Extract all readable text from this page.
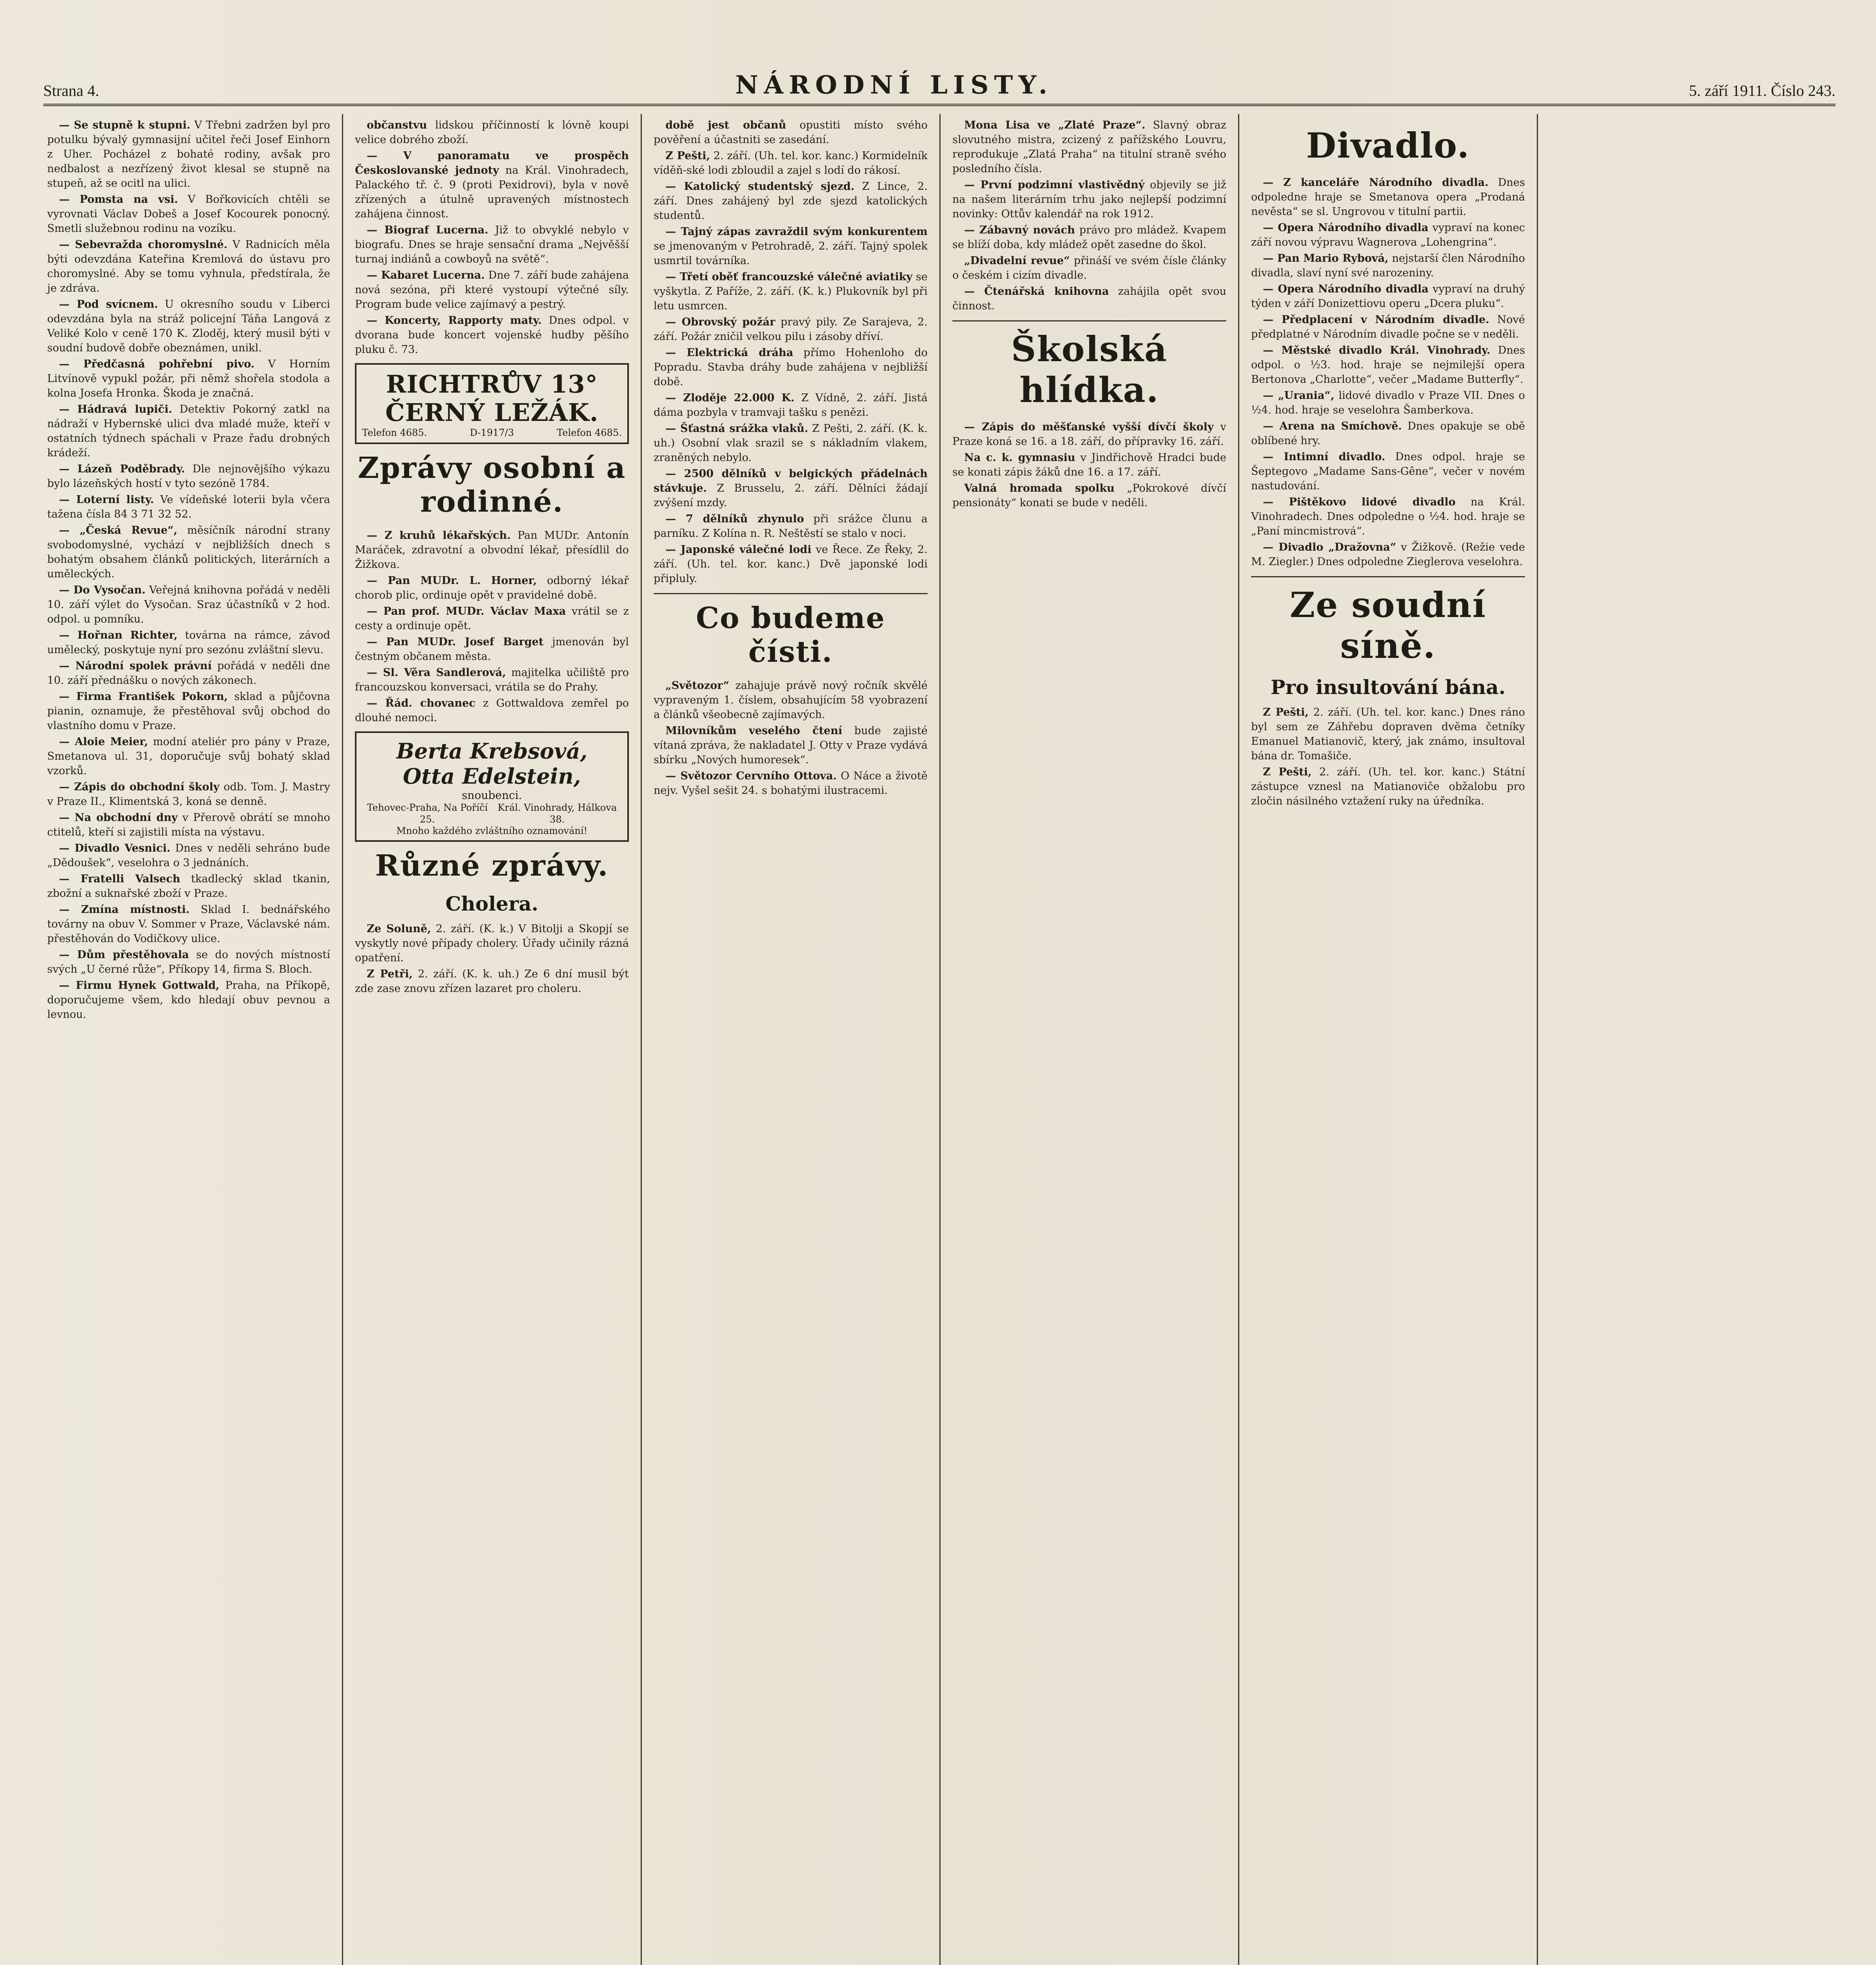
Strana 4.	NÁRODNÍ LISTY.	5. září 1911. Číslo 243.

— Se stupně k stupni. V Třebni zadržen byl pro potulku bývalý gymnasijní učitel řeči Josef Einhorn z Uher. Pocházel z bohaté rodiny, avšak pro nedbalost a nezřízený život klesal se stupně na stupeň, až se ocitl na ulici.

— Pomsta na vsi. V Bořkovicích chtěli se vyrovnati Václav Dobeš a Josef Kocourek ponocný. Smetli služebnou rodinu na vozíku.

— Sebevražda choromyslné. V Radnicích měla býti odevzdána Kateřina Kremlová do ústavu pro choromyslné. Aby se tomu vyhnula, předstírala, že je zdráva.

— Pod svícnem. U okresního soudu v Liberci odevzdána byla na stráž policejní Táňa Langová z Veliké Kolo v ceně 170 K. Zloděj, který musil býti v soudní budově dobře obeznámen, unikl.

— Předčasná pohřební pivo. V Horním Litvínově vypukl požár, při němž shořela stodola a kolna Josefa Hronka. Škoda je značná.

— Hádravá lupiči. Detektiv Pokorný zatkl na nádraží v Hybernské ulici dva mladé muže, kteří v ostatních týdnech spáchali v Praze řadu drobných krádeží.

— Lázeň Poděbrady. Dle nejnovějšího výkazu bylo lázeňských hostí v tyto sezóně 1784.

— Loterní listy. Ve vídeňské loterii byla včera tažena čísla 84 3 71 32 52.

— „Česká Revue“, měsíčník národní strany svobodomyslné, vychází v nejbližších dnech s bohatým obsahem článků politických, literárních a uměleckých.

— Do Vysočan. Veřejná knihovna pořádá v neděli 10. září výlet do Vysočan. Sraz účastníků v 2 hod. odpol. u pomníku.

— Hořnan Richter, továrna na rámce, závod umělecký, poskytuje nyní pro sezónu zvláštní slevu.

— Národní spolek právní pořádá v neděli dne 10. září přednášku o nových zákonech.

— Firma František Pokorn, sklad a půjčovna pianin, oznamuje, že přestěhoval svůj obchod do vlastního domu v Praze.

— Aloie Meier, modní ateliér pro pány v Praze, Smetanova ul. 31, doporučuje svůj bohatý sklad vzorků.

— Zápis do obchodní školy odb. Tom. J. Mastry v Praze II., Klimentská 3, koná se denně.

— Na obchodní dny v Přerově obrátí se mnoho ctitelů, kteří si zajistili místa na výstavu.

— Divadlo Vesnici. Dnes v neděli sehráno bude „Dědoušek“, veselohra o 3 jednáních.

— Fratelli Valsech tkadlecký sklad tkanin, zbožní a suknařské zboží v Praze.

— Zmína místnosti. Sklad I. bednářského továrny na obuv V. Sommer v Praze, Václavské nám. přestěhován do Vodičkovy ulice.

— Dům přestěhovala se do nových místností svých „U černé růže“, Příkopy 14, firma S. Bloch.

— Firmu Hynek Gottwald, Praha, na Příkopě, doporučujeme všem, kdo hledají obuv pevnou a levnou.

občanstvu lidskou příčinností k lóvně koupi velice dobrého zboží.

— V panoramatu ve prospěch Českoslovanské jednoty na Král. Vinohradech, Palackého tř. č. 9 (proti Pexidrovi), byla v nově zřízených a útulně upravených místnostech zahájena činnost.

— Biograf Lucerna. Již to obvyklé nebylo v biografu. Dnes se hraje sensační drama „Nejvěšší turnaj indiánů a cowboyů na světě“.

— Kabaret Lucerna. Dne 7. září bude zahájena nová sezóna, při které vystoupí výtečné síly. Program bude velice zajímavý a pestrý.

— Koncerty, Rapporty maty. Dnes odpol. v dvorana bude koncert vojenské hudby pěšího pluku č. 73.

RICHTRŮV 13° ČERNÝ LEŽÁK.
Telefon 4685.	D-1917/3	Telefon 4685.
Zprávy osobní a rodinné.

— Z kruhů lékařských. Pan MUDr. Antonín Maráček, zdravotní a obvodní lékař, přesídlil do Žižkova.

— Pan MUDr. L. Horner, odborný lékař chorob plic, ordinuje opět v pravidelné době.

— Pan prof. MUDr. Václav Maxa vrátil se z cesty a ordinuje opět.

— Pan MUDr. Josef Barget jmenován byl čestným občanem města.

— Sl. Věra Sandlerová, majitelka učiliště pro francouzskou konversaci, vrátila se do Prahy.

— Řád. chovanec z Gottwaldova zemřel po dlouhé nemoci.

Berta Krebsová,
Otta Edelstein,
snoubenci.
Tehovec-Praha, Na Poříčí 25.
Král. Vinohrady, Hálkova 38.
Mnoho každého zvláštního oznamování!
Různé zprávy.
Cholera.

Ze Soluně, 2. září. (K. k.) V Bitolji a Skopjí se vyskytly nové případy cholery. Úřady učinily rázná opatření.

Z Petři, 2. září. (K. k. uh.) Ze 6 dní musil být zde zase znovu zřízen lazaret pro choleru.

době jest občanů opustiti místo svého pověření a účastniti se zasedání.

Z Pešti, 2. září. (Uh. tel. kor. kanc.) Kormidelník víděň-ské lodi zbloudil a zajel s lodí do rákosí.

— Katolický studentský sjezd. Z Lince, 2. září. Dnes zahájený byl zde sjezd katolických studentů.

— Tajný zápas zavraždil svým konkurentem se jmenovaným v Petrohradě, 2. září. Tajný spolek usmrtil továrníka.

— Třetí oběť francouzské válečné aviatiky se vyškytla. Z Paříže, 2. září. (K. k.) Plukovník byl při letu usmrcen.

— Obrovský požár pravý pily. Ze Sarajeva, 2. září. Požár zničil velkou pilu i zásoby dříví.

— Elektrická dráha přímo Hohenloho do Popradu. Stavba dráhy bude zahájena v nejbližší době.

— Zloděje 22.000 K. Z Vídně, 2. září. Jistá dáma pozbyla v tramvaji tašku s penězi.

— Šťastná srážka vlaků. Z Pešti, 2. září. (K. k. uh.) Osobní vlak srazil se s nákladním vlakem, zraněných nebylo.

— 2500 dělníků v belgických přádelnách stávkuje. Z Brusselu, 2. září. Dělníci žádají zvýšení mzdy.

— 7 dělníků zhynulo při srážce člunu a parníku. Z Kolína n. R. Neštěstí se stalo v noci.

— Japonské válečné lodi ve Řece. Ze Řeky, 2. září. (Uh. tel. kor. kanc.) Dvě japonské lodi připluly.

Co budeme čísti.

„Světozor“ zahajuje právě nový ročník skvělé vypraveným 1. číslem, obsahujícím 58 vyobrazení a článků všeobecně zajímavých.

Milovníkům veselého čtení bude zajisté vítaná zpráva, že nakladatel J. Otty v Praze vydává sbírku „Nových humoresek“.

— Světozor Cervního Ottova. O Náce a životě nejv. Vyšel sešit 24. s bohatými ilustracemi.

Mona Lisa ve „Zlaté Praze“. Slavný obraz slovutného mistra, zcizený z pařížského Louvru, reprodukuje „Zlatá Praha“ na titulní straně svého posledního čísla.

— První podzimní vlastivědný objevily se již na našem literárním trhu jako nejlepší podzimní novinky: Ottův kalendář na rok 1912.

— Zábavný novách právo pro mládež. Kvapem se blíží doba, kdy mládež opět zasedne do škol.

„Divadelní revue“ přináší ve svém čísle články o českém i cizím divadle.

— Čtenářská knihovna zahájila opět svou činnost.

Školská hlídka.

— Zápis do měšťanské vyšší dívčí školy v Praze koná se 16. a 18. září, do přípravky 16. září.

Na c. k. gymnasiu v Jindřichově Hradci bude se konati zápis žáků dne 16. a 17. září.

Valná hromada spolku „Pokrokové dívčí pensionáty“ konati se bude v neděli.

Divadlo.

— Z kanceláře Národního divadla. Dnes odpoledne hraje se Smetanova opera „Prodaná nevěsta“ se sl. Ungrovou v titulní partii.

— Opera Národního divadla vypraví na konec září novou výpravu Wagnerova „Lohengrina“.

— Pan Mario Rybová, nejstarší člen Národního divadla, slaví nyní své narozeniny.

— Opera Národního divadla vypraví na druhý týden v září Donizettiovu operu „Dcera pluku“.

— Předplacení v Národním divadle. Nové předplatné v Národním divadle počne se v neděli.

— Městské divadlo Král. Vinohrady. Dnes odpol. o ½3. hod. hraje se nejmilejší opera Bertonova „Charlotte“, večer „Madame Butterfly“.

— „Urania“, lidové divadlo v Praze VII. Dnes o ½4. hod. hraje se veselohra Šamberkova.

— Arena na Smíchově. Dnes opakuje se obě oblíbené hry.

— Intimní divadlo. Dnes odpol. hraje se Šeptegovo „Madame Sans-Gêne“, večer v novém nastudování.

— Pištěkovo lidové divadlo na Král. Vinohradech. Dnes odpoledne o ½4. hod. hraje se „Paní mincmistrová“.

— Divadlo „Dražovna“ v Žižkově. (Režie vede M. Ziegler.) Dnes odpoledne Zieglerova veselohra.

Ze soudní síně.
Pro insultování bána.

Z Pešti, 2. září. (Uh. tel. kor. kanc.) Dnes ráno byl sem ze Záhřebu dopraven dvěma četníky Emanuel Matianovič, který, jak známo, insultoval bána dr. Tomašiče.

Z Pešti, 2. září. (Uh. tel. kor. kanc.) Státní zástupce vznesl na Matianoviče obžalobu pro zločin násilného vztažení ruky na úředníka.
